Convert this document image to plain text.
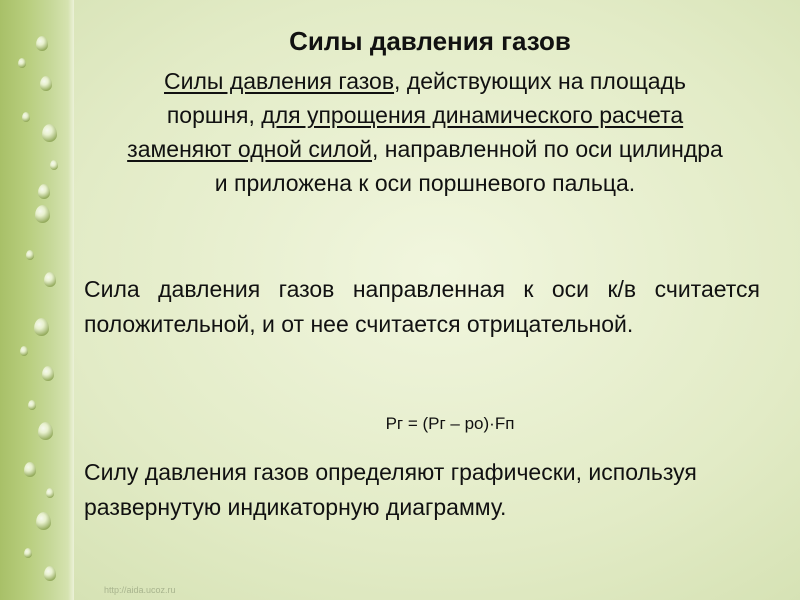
Силы давления газов

Силы давления газов, действующих на площадь поршня, для упрощения динамического расчета заменяют одной силой, направленной по оси цилиндра и приложена к оси поршневого пальца.

Сила давления газов направленная к оси к/в считается положительной, и от нее считается отрицательной.

Рг = (Рг – ро)·Fп

Силу давления газов определяют графически, используя развернутую индикаторную диаграмму.

http://aida.ucoz.ru
